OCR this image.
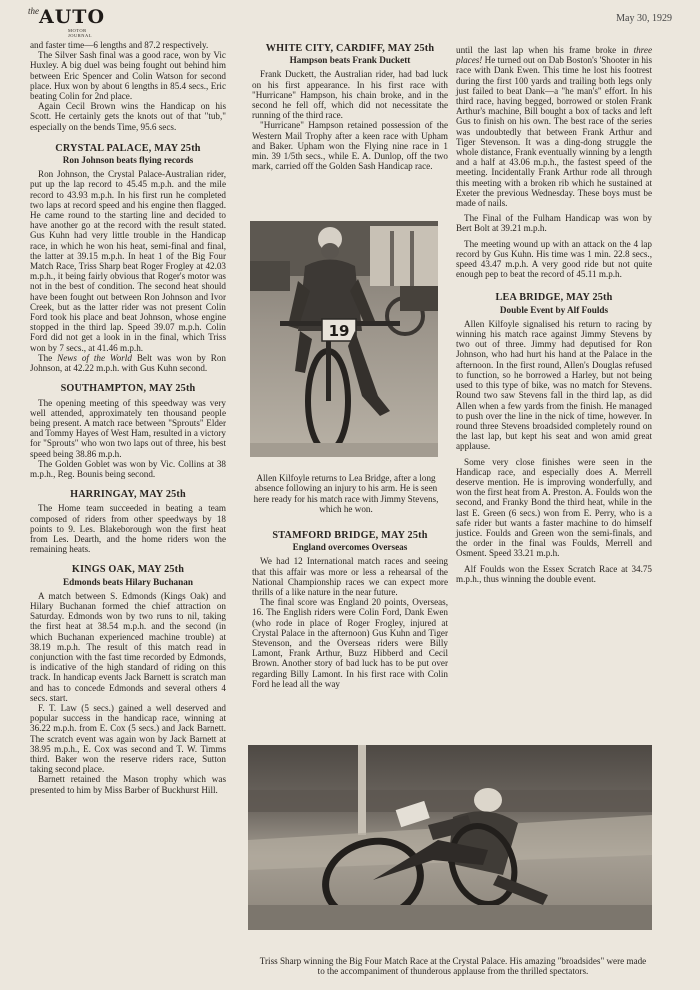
$^{the}$AUTO
MOTOR JOURNAL
May 30, 1929

and faster time—6 lengths and 87.2 respectively.

The Silver Sash final was a good race, won by Vic Huxley. A big duel was being fought out behind him between Eric Spencer and Colin Watson for second place. Hux won by about 6 lengths in 85.4 secs., Eric beating Colin for 2nd place.

Again Cecil Brown wins the Handicap on his Scott. He certainly gets the knots out of that "tub," especially on the bends Time, 95.6 secs.

CRYSTAL PALACE, MAY 25th
Ron Johnson beats flying records

Ron Johnson, the Crystal Palace-Australian rider, put up the lap record to 45.45 m.p.h. and the mile record to 43.93 m.p.h. In his first run he completed two laps at record speed and his engine then flagged. He came round to the starting line and decided to have another go at the record with the result stated. Gus Kuhn had very little trouble in the Handicap race, in which he won his heat, semi-final and final, the latter at 39.15 m.p.h. In heat 1 of the Big Four Match Race, Triss Sharp beat Roger Frogley at 42.03 m.p.h., it being fairly obvious that Roger's motor was not in the best of condition. The second heat should have been fought out between Ron Johnson and Ivor Creek, but as the latter rider was not present Colin Ford took his place and beat Johnson, whose engine stopped in the third lap. Speed 39.07 m.p.h. Colin Ford did not get a look in in the final, which Triss won by 7 secs., at 41.46 m.p.h.

The News of the World Belt was won by Ron Johnson, at 42.22 m.p.h. with Gus Kuhn second.

SOUTHAMPTON, MAY 25th

The opening meeting of this speedway was very well attended, approximately ten thousand people being present. A match race between "Sprouts" Elder and Tommy Hayes of West Ham, resulted in a victory for "Sprouts" who won two laps out of three, his best speed being 38.86 m.p.h.

The Golden Goblet was won by Vic. Collins at 38 m.p.h., Reg. Bounis being second.

HARRINGAY, MAY 25th

The Home team succeeded in beating a team composed of riders from other speedways by 18 points to 9. Les. Blakeborough won the first heat from Les. Dearth, and the home riders won the remaining heats.

KINGS OAK, MAY 25th
Edmonds beats Hilary Buchanan

A match between S. Edmonds (Kings Oak) and Hilary Buchanan formed the chief attraction on Saturday. Edmonds won by two runs to nil, taking the first heat at 38.54 m.p.h. and the second (in which Buchanan experienced machine trouble) at 38.19 m.p.h. The result of this match read in conjunction with the fast time recorded by Edmonds, is indicative of the high standard of riding on this track. In handicap events Jack Barnett is scratch man and has to concede Edmonds and several others 4 secs. start.

F. T. Law (5 secs.) gained a well deserved and popular success in the handicap race, winning at 36.22 m.p.h. from E. Cox (5 secs.) and Jack Barnett. The scratch event was again won by Jack Barnett at 38.95 m.p.h., E. Cox was second and T. W. Timms third. Baker won the reserve riders race, Sutton taking second place.

Barnett retained the Mason trophy which was presented to him by Miss Barber of Buckhurst Hill.

WHITE CITY, CARDIFF, MAY 25th
Hampson beats Frank Duckett

Frank Duckett, the Australian rider, had bad luck on his first appearance. In his first race with "Hurricane" Hampson, his chain broke, and in the second he fell off, which did not necessitate the running of the third race.

"Hurricane" Hampson retained possession of the Western Mail Trophy after a keen race with Upham and Baker. Upham won the Flying nine race in 1 min. 39 1/5th secs., while E. A. Dunlop, off the two mark, carried off the Golden Sash Handicap race.

19
Allen Kilfoyle returns to Lea Bridge, after a long absence following an injury to his arm. He is seen here ready for his match race with Jimmy Stevens, which he won.
STAMFORD BRIDGE, MAY 25th
England overcomes Overseas

We had 12 International match races and seeing that this affair was more or less a rehearsal of the National Championship races we can expect more thrills of a like nature in the near future.

The final score was England 20 points, Overseas, 16. The English riders were Colin Ford, Dank Ewen (who rode in place of Roger Frogley, injured at Crystal Palace in the afternoon) Gus Kuhn and Tiger Stevenson, and the Overseas riders were Billy Lamont, Frank Arthur, Buzz Hibberd and Cecil Brown. Another story of bad luck has to be put over regarding Billy Lamont. In his first race with Colin Ford he lead all the way

until the last lap when his frame broke in three places! He turned out on Dab Boston's 'Shooter in his race with Dank Ewen. This time he lost his footrest during the first 100 yards and trailing both legs only just failed to beat Dank—a "he man's" effort. In his third race, having begged, borrowed or stolen Frank Arthur's machine, Bill bought a box of tacks and left Gus to finish on his own. The best race of the series was undoubtedly that between Frank Arthur and Tiger Stevenson. It was a ding-dong struggle the whole distance, Frank eventually winning by a length and a half at 43.06 m.p.h., the fastest speed of the meeting. Incidentally Frank Arthur rode all through this meeting with a broken rib which he sustained at Exeter the previous Wednesday. These boys must be made of nails.

The Final of the Fulham Handicap was won by Bert Bolt at 39.21 m.p.h.

The meeting wound up with an attack on the 4 lap record by Gus Kuhn. His time was 1 min. 22.8 secs., speed 43.47 m.p.h. A very good ride but not quite enough pep to beat the record of 45.11 m.p.h.

LEA BRIDGE, MAY 25th
Double Event by Alf Foulds

Allen Kilfoyle signalised his return to racing by winning his match race against Jimmy Stevens by two out of three. Jimmy had deputised for Ron Johnson, who had hurt his hand at the Palace in the afternoon. In the first round, Allen's Douglas refused to function, so he borrowed a Harley, but not being used to this type of bike, was no match for Stevens. Round two saw Stevens fall in the third lap, as did Allen when a few yards from the finish. He managed to push over the line in the nick of time, however. In round three Stevens broadsided completely round on the last lap, but kept his seat and won amid great applause.

Some very close finishes were seen in the Handicap race, and especially does A. Merrell deserve mention. He is improving wonderfully, and won the first heat from A. Preston. A. Foulds won the second, and Franky Bond the third heat, while in the last E. Green (6 secs.) won from E. Perry, who is a safe rider but wants a faster machine to do himself justice. Foulds and Green won the semi-finals, and the order in the final was Foulds, Merrell and Osment. Speed 33.21 m.p.h.

Alf Foulds won the Essex Scratch Race at 34.75 m.p.h., thus winning the double event.

Triss Sharp winning the Big Four Match Race at the Crystal Palace. His amazing "broadsides" were made to the accompaniment of thunderous applause from the thrilled spectators.
